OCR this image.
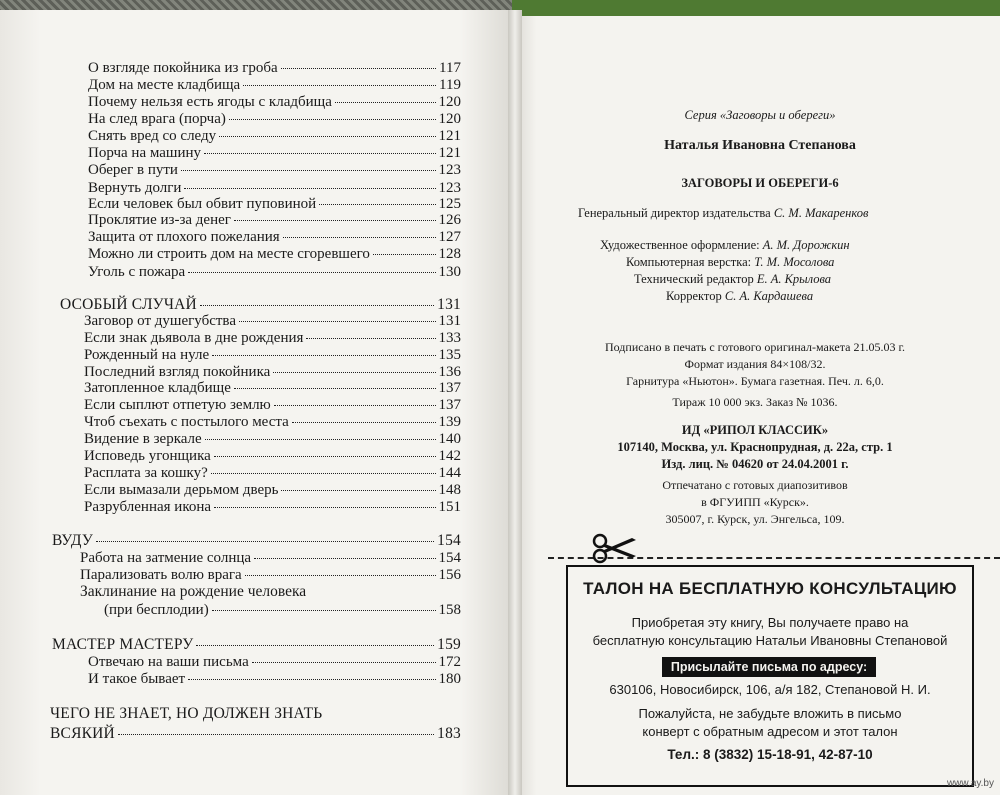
О взгляде покойника из гроба	117
Дом на месте кладбища	119
Почему нельзя есть ягоды с кладбища	120
На след врага (порча)	120
Снять вред со следу	121
Порча на машину	121
Оберег в пути	123
Вернуть долги	123
Если человек был обвит пуповиной	125
Проклятие из-за денег	126
Защита от плохого пожелания	127
Можно ли строить дом на месте сгоревшего	128
Уголь с пожара	130
ОСОБЫЙ СЛУЧАЙ	131
Заговор от душегубства	131
Если знак дьявола в дне рождения	133
Рожденный на нуле	135
Последний взгляд покойника	136
Затопленное кладбище	137
Если сыплют отпетую землю	137
Чтоб съехать с постылого места	139
Видение в зеркале	140
Исповедь угонщика	142
Расплата за кошку?	144
Если вымазали дерьмом дверь	148
Разрубленная икона	151
ВУДУ	154
Работа на затмение солнца	154
Парализовать волю врага	156
Заклинание на рождение человека
(при бесплодии)	158
МАСТЕР МАСТЕРУ	159
Отвечаю на ваши письма	172
И такое бывает	180
ЧЕГО НЕ ЗНАЕТ, НО ДОЛЖЕН ЗНАТЬ
ВСЯКИЙ	183
Серия «Заговоры и обереги»
Наталья Ивановна Степанова
ЗАГОВОРЫ И ОБЕРЕГИ-6
Генеральный директор издательства С. М. Макаренков
Художественное оформление: А. М. Дорожкин
Компьютерная верстка: Т. М. Мосолова
Технический редактор Е. А. Крылова
Корректор С. А. Кардашева
Подписано в печать с готового оригинал-макета 21.05.03 г.
Формат издания 84×108/32.
Гарнитура «Ньютон». Бумага газетная. Печ. л. 6,0.
Тираж 10 000 экз. Заказ № 1036.
ИД «РИПОЛ КЛАССИК»
107140, Москва, ул. Краснопрудная, д. 22а, стр. 1
Изд. лиц. № 04620 от 24.04.2001 г.
Отпечатано с готовых диапозитивов
в ФГУИПП «Курск».
305007, г. Курск, ул. Энгельса, 109.
ТАЛОН НА БЕСПЛАТНУЮ КОНСУЛЬТАЦИЮ
Приобретая эту книгу, Вы получаете право на
бесплатную консультацию Натальи Ивановны Степановой
Присылайте письма по адресу:
630106, Новосибирск, 106, а/я 182, Степановой Н. И.
Пожалуйста, не забудьте вложить в письмо
конверт с обратным адресом и этот талон
Тел.: 8 (3832) 15-18-91, 42-87-10
www.ay.by
